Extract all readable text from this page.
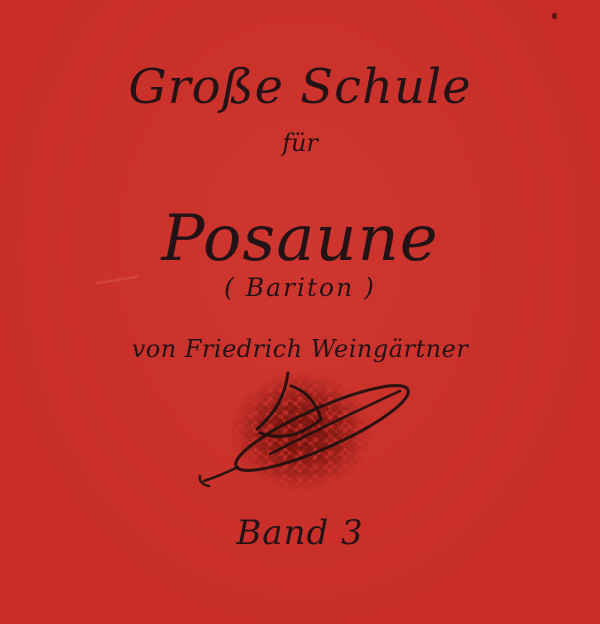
Große Schule
für
Posaune
( Bariton )
von Friedrich Weingärtner
Band 3
